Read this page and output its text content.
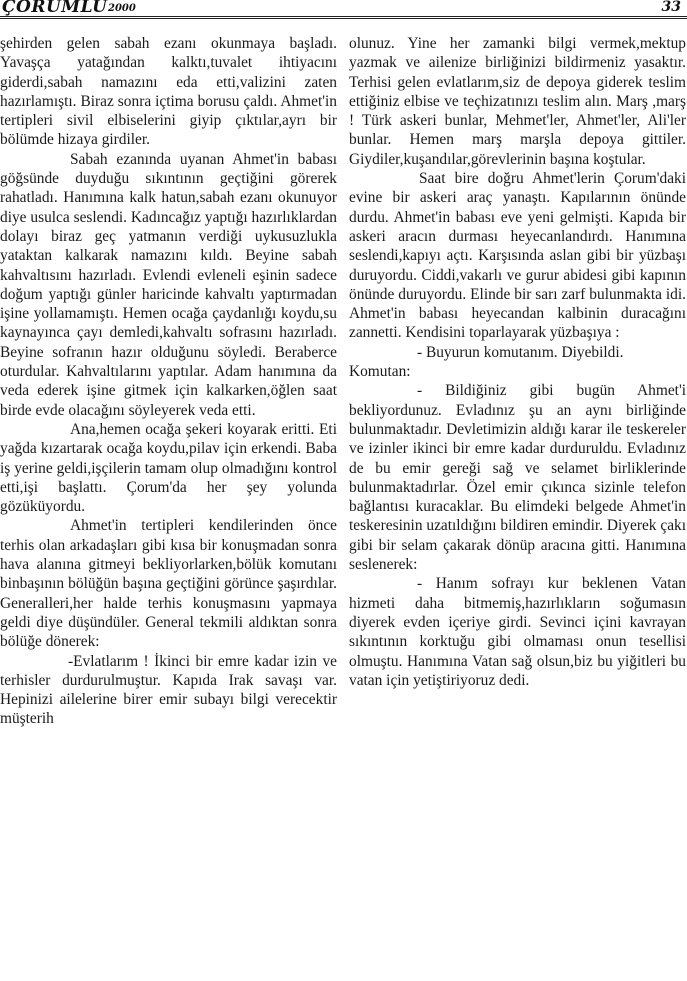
ÇORUMLU 2000	33

şehirden gelen sabah ezanı okunmaya başladı. Yavaşça yatağından kalktı,tuvalet ihtiyacını giderdi,sabah namazını eda etti,valizini zaten hazırlamıştı. Biraz sonra içtima borusu çaldı. Ahmet'in tertipleri sivil elbiselerini giyip çıktılar,ayrı bir bölümde hizaya girdiler.

Sabah ezanında uyanan Ahmet'in babası göğsünde duyduğu sıkıntının geçtiğini görerek rahatladı. Hanımına kalk hatun,sabah ezanı okunuyor diye usulca seslendi. Kadıncağız yaptığı hazırlıklardan dolayı biraz geç yatmanın verdiği uykusuzlukla yataktan kalkarak namazını kıldı. Beyine sabah kahvaltısını hazırladı. Evlendi evleneli eşinin sadece doğum yaptığı günler haricinde kahvaltı yaptırmadan işine yollamamıştı. Hemen ocağa çaydanlığı koydu,su kaynayınca çayı demledi,kahvaltı sofrasını hazırladı. Beyine sofranın hazır olduğunu söyledi. Beraberce oturdular. Kahvaltılarını yaptılar. Adam hanımına da veda ederek işine gitmek için kalkarken,öğlen saat birde evde olacağını söyleyerek veda etti.

Ana,hemen ocağa şekeri koyarak eritti. Eti yağda kızartarak ocağa koydu,pilav için erkendi. Baba iş yerine geldi,işçilerin tamam olup olmadığını kontrol etti,işi başlattı. Çorum'da her şey yolunda gözüküyordu.

Ahmet'in tertipleri kendilerinden önce terhis olan arkadaşları gibi kısa bir konuşmadan sonra hava alanına gitmeyi bekliyorlarken,bölük komutanı binbaşının bölüğün başına geçtiğini görünce şaşırdılar. Generalleri,her halde terhis konuşmasını yapmaya geldi diye düşündüler. General tekmili aldıktan sonra bölüğe dönerek:

-Evlatlarım ! İkinci bir emre kadar izin ve terhisler durdurulmuştur. Kapıda Irak savaşı var. Hepinizi ailelerine birer emir subayı bilgi verecektir müşterih

olunuz. Yine her zamanki bilgi vermek,mektup yazmak ve ailenize birliğinizi bildirmeniz yasaktır. Terhisi gelen evlatlarım,siz de depoya giderek teslim ettiğiniz elbise ve teçhizatınızı teslim alın. Marş ,marş ! Türk askeri bunlar, Mehmet'ler, Ahmet'ler, Ali'ler bunlar. Hemen marş marşla depoya gittiler. Giydiler,kuşandılar,görevlerinin başına koştular.

Saat bire doğru Ahmet'lerin Çorum'daki evine bir askeri araç yanaştı. Kapılarının önünde durdu. Ahmet'in babası eve yeni gelmişti. Kapıda bir askeri aracın durması heyecanlandırdı. Hanımına seslendi,kapıyı açtı. Karşısında aslan gibi bir yüzbaşı duruyordu. Ciddi,vakarlı ve gurur abidesi gibi kapının önünde duruyordu. Elinde bir sarı zarf bulunmakta idi. Ahmet'in babası heyecandan kalbinin duracağını zannetti. Kendisini toparlayarak yüzbaşıya :

- Buyurun komutanım. Diyebildi.

Komutan:

- Bildiğiniz gibi bugün Ahmet'i bekliyordunuz. Evladınız şu an aynı birliğinde bulunmaktadır. Devletimizin aldığı karar ile teskereler ve izinler ikinci bir emre kadar durduruldu. Evladınız de bu emir gereği sağ ve selamet birliklerinde bulunmaktadırlar. Özel emir çıkınca sizinle telefon bağlantısı kuracaklar. Bu elimdeki belgede Ahmet'in teskeresinin uzatıldığını bildiren emindir. Diyerek çakı gibi bir selam çakarak dönüp aracına gitti. Hanımına seslenerek:

- Hanım sofrayı kur beklenen Vatan hizmeti daha bitmemiş,hazırlıkların soğumasın diyerek evden içeriye girdi. Sevinci içini kavrayan sıkıntının korktuğu gibi olmaması onun tesellisi olmuştu. Hanımına Vatan sağ olsun,biz bu yiğitleri bu vatan için yetiştiriyoruz dedi.
